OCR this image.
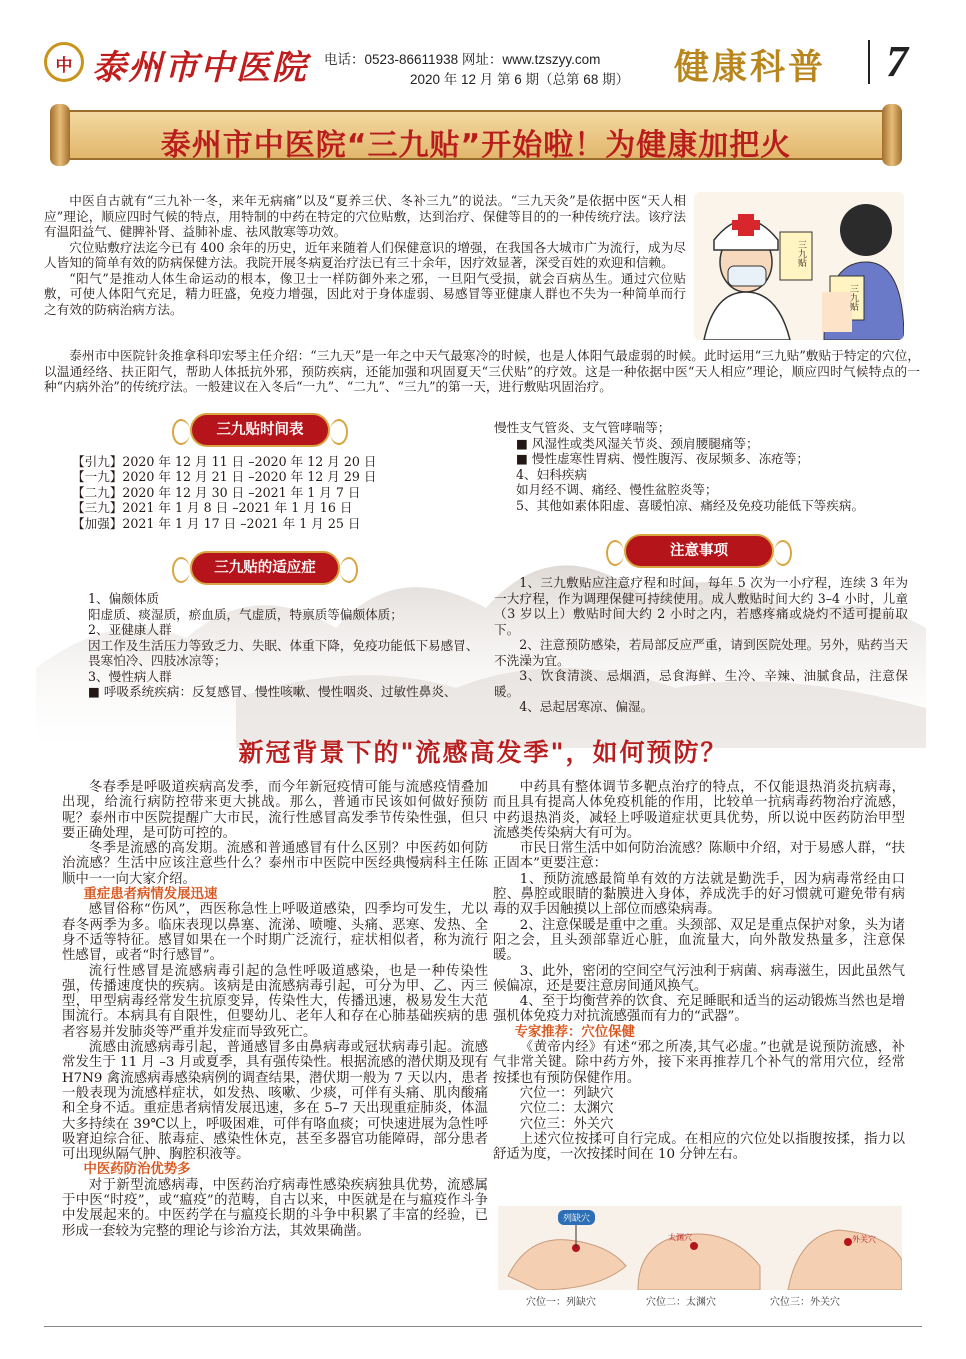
中 泰州市中医院 电话：0523-86611938 网址：www.tzszyy.com
2020 年 12 月 第 6 期（总第 68 期） 健康科普 7
泰州市中医院“三九贴”开始啦！为健康加把火

中医自古就有“三九补一冬，来年无病痛”以及“夏养三伏、冬补三九”的说法。“三九天灸”是依据中医“天人相应”理论，顺应四时气候的特点，用特制的中药在特定的穴位贴敷，达到治疗、保健等目的的一种传统疗法。该疗法有温阳益气、健脾补肾、益肺补虚、祛风散寒等功效。

穴位贴敷疗法迄今已有 400 余年的历史，近年来随着人们保健意识的增强，在我国各大城市广为流行，成为尽人皆知的简单有效的防病保健方法。我院开展冬病夏治疗法已有三十余年，因疗效显著，深受百姓的欢迎和信赖。

“阳气”是推动人体生命运动的根本，像卫士一样防御外来之邪，一旦阳气受损，就会百病丛生。通过穴位贴敷，可使人体阳气充足，精力旺盛，免疫力增强，因此对于身体虚弱、易感冒等亚健康人群也不失为一种简单而行之有效的防病治病方法。

三九贴
三九贴

泰州市中医院针灸推拿科印宏琴主任介绍：“三九天”是一年之中天气最寒冷的时候，也是人体阳气最虚弱的时候。此时运用“三九贴”敷贴于特定的穴位，以温通经络、扶正阳气，帮助人体抵抗外邪，预防疾病，还能加强和巩固夏天“三伏贴”的疗效。这是一种依据中医“天人相应”理论，顺应四时气候特点的一种“内病外治”的传统疗法。一般建议在入冬后“一九”、“二九”、“三九”的第一天，进行敷贴巩固治疗。

三九贴时间表
三九贴的适应症
注意事项
【引九】2020 年 12 月 11 日 –2020 年 12 月 20 日
【一九】2020 年 12 月 21 日 –2020 年 12 月 29 日
【二九】2020 年 12 月 30 日 –2021 年 1 月 7 日
【三九】2021 年 1 月 8 日 –2021 年 1 月 16 日
【加强】2021 年 1 月 17 日 –2021 年 1 月 25 日

1、偏颇体质

阳虚质、痰湿质，瘀血质，气虚质，特禀质等偏颇体质；

2、亚健康人群

因工作及生活压力等致乏力、失眠、体重下降，免疫功能低下易感冒、畏寒怕冷、四肢冰凉等；

3、慢性病人群

■ 呼吸系统疾病：反复感冒、慢性咳嗽、慢性咽炎、过敏性鼻炎、

慢性支气管炎、支气管哮喘等；

■ 风湿性或类风湿关节炎、颈肩腰腿痛等；

■ 慢性虚寒性胃病、慢性腹泻、夜尿频多、冻疮等；

4、妇科疾病

如月经不调、痛经、慢性盆腔炎等；

5、其他如素体阳虚、喜暖怕凉、痛经及免疫功能低下等疾病。

1、三九敷贴应注意疗程和时间，每年 5 次为一小疗程，连续 3 年为一大疗程，作为调理保健可持续使用。成人敷贴时间大约 3–4 小时，儿童（3 岁以上）敷贴时间大约 2 小时之内，若感疼痛或烧灼不适可提前取下。

2、注意预防感染，若局部反应严重，请到医院处理。另外，贴药当天不洗澡为宜。

3、饮食清淡、忌烟酒，忌食海鲜、生冷、辛辣、油腻食品，注意保暖。

4、忌起居寒凉、偏湿。

新冠背景下的"流感高发季"，如何预防？

冬春季是呼吸道疾病高发季，而今年新冠疫情可能与流感疫情叠加出现，给流行病防控带来更大挑战。那么，普通市民该如何做好预防呢？泰州市中医院提醒广大市民，流行性感冒高发季节传染性强，但只要正确处理，是可防可控的。

冬季是流感的高发期。流感和普通感冒有什么区别？中医药如何防治流感？生活中应该注意些什么？泰州市中医院中医经典慢病科主任陈顺中一一向大家介绍。

重症患者病情发展迅速

感冒俗称“伤风”，西医称急性上呼吸道感染，四季均可发生，尤以春冬两季为多。临床表现以鼻塞、流涕、喷嚏、头痛、恶寒、发热、全身不适等特征。感冒如果在一个时期广泛流行，症状相似者，称为流行性感冒，或者“时行感冒”。

流行性感冒是流感病毒引起的急性呼吸道感染，也是一种传染性强，传播速度快的疾病。该病是由流感病毒引起，可分为甲、乙、丙三型，甲型病毒经常发生抗原变异，传染性大，传播迅速，极易发生大范围流行。本病具有自限性，但婴幼儿、老年人和存在心肺基础疾病的患者容易并发肺炎等严重并发症而导致死亡。

流感由流感病毒引起，普通感冒多由鼻病毒或冠状病毒引起。流感常发生于 11 月 –3 月或夏季，具有强传染性。根据流感的潜伏期及现有 H7N9 禽流感病毒感染病例的调查结果，潜伏期一般为 7 天以内，患者一般表现为流感样症状，如发热、咳嗽、少痰，可伴有头痛、肌肉酸痛和全身不适。重症患者病情发展迅速，多在 5–7 天出现重症肺炎，体温大多持续在 39℃以上，呼吸困难，可伴有咯血痰；可快速进展为急性呼吸窘迫综合征、脓毒症、感染性休克，甚至多器官功能障碍，部分患者可出现纵隔气肿、胸腔积液等。

中医药防治优势多

对于新型流感病毒，中医药治疗病毒性感染疾病独具优势，流感属于中医“时疫”，或“瘟疫”的范畴，自古以来，中医就是在与瘟疫作斗争中发展起来的。中医药学在与瘟疫长期的斗争中积累了丰富的经验，已形成一套较为完整的理论与诊治方法，其效果确凿。

中药具有整体调节多靶点治疗的特点，不仅能退热消炎抗病毒，而且具有提高人体免疫机能的作用，比较单一抗病毒药物治疗流感，中药退热消炎，减轻上呼吸道症状更具优势，所以说中医药防治甲型流感类传染病大有可为。

市民日常生活中如何防治流感？陈顺中介绍，对于易感人群，“扶正固本”更要注意：

1、预防流感最简单有效的方法就是勤洗手，因为病毒常经由口腔、鼻腔或眼睛的黏膜进入身体，养成洗手的好习惯就可避免带有病毒的双手因触摸以上部位而感染病毒。

2、注意保暖是重中之重。头颈部、双足是重点保护对象，头为诸阳之会，且头颈部靠近心脏，血流量大，向外散发热量多，注意保暖。

3、此外，密闭的空间空气污浊利于病菌、病毒滋生，因此虽然气候偏凉，还是要注意房间通风换气。

4、至于均衡营养的饮食、充足睡眠和适当的运动锻炼当然也是增强机体免疫力对抗流感强而有力的“武器”。

专家推荐：穴位保健

《黄帝内经》有述“邪之所凑,其气必虚。”也就是说预防流感，补气非常关键。除中药方外，接下来再推荐几个补气的常用穴位，经常按揉也有预防保健作用。

穴位一：列缺穴

穴位二：太渊穴

穴位三：外关穴

上述穴位按揉可自行完成。在相应的穴位处以指腹按揉，指力以舒适为度，一次按揉时间在 10 分钟左右。

列缺穴
太渊穴	外关穴
穴位一：列缺穴	穴位二：太渊穴	穴位三：外关穴
